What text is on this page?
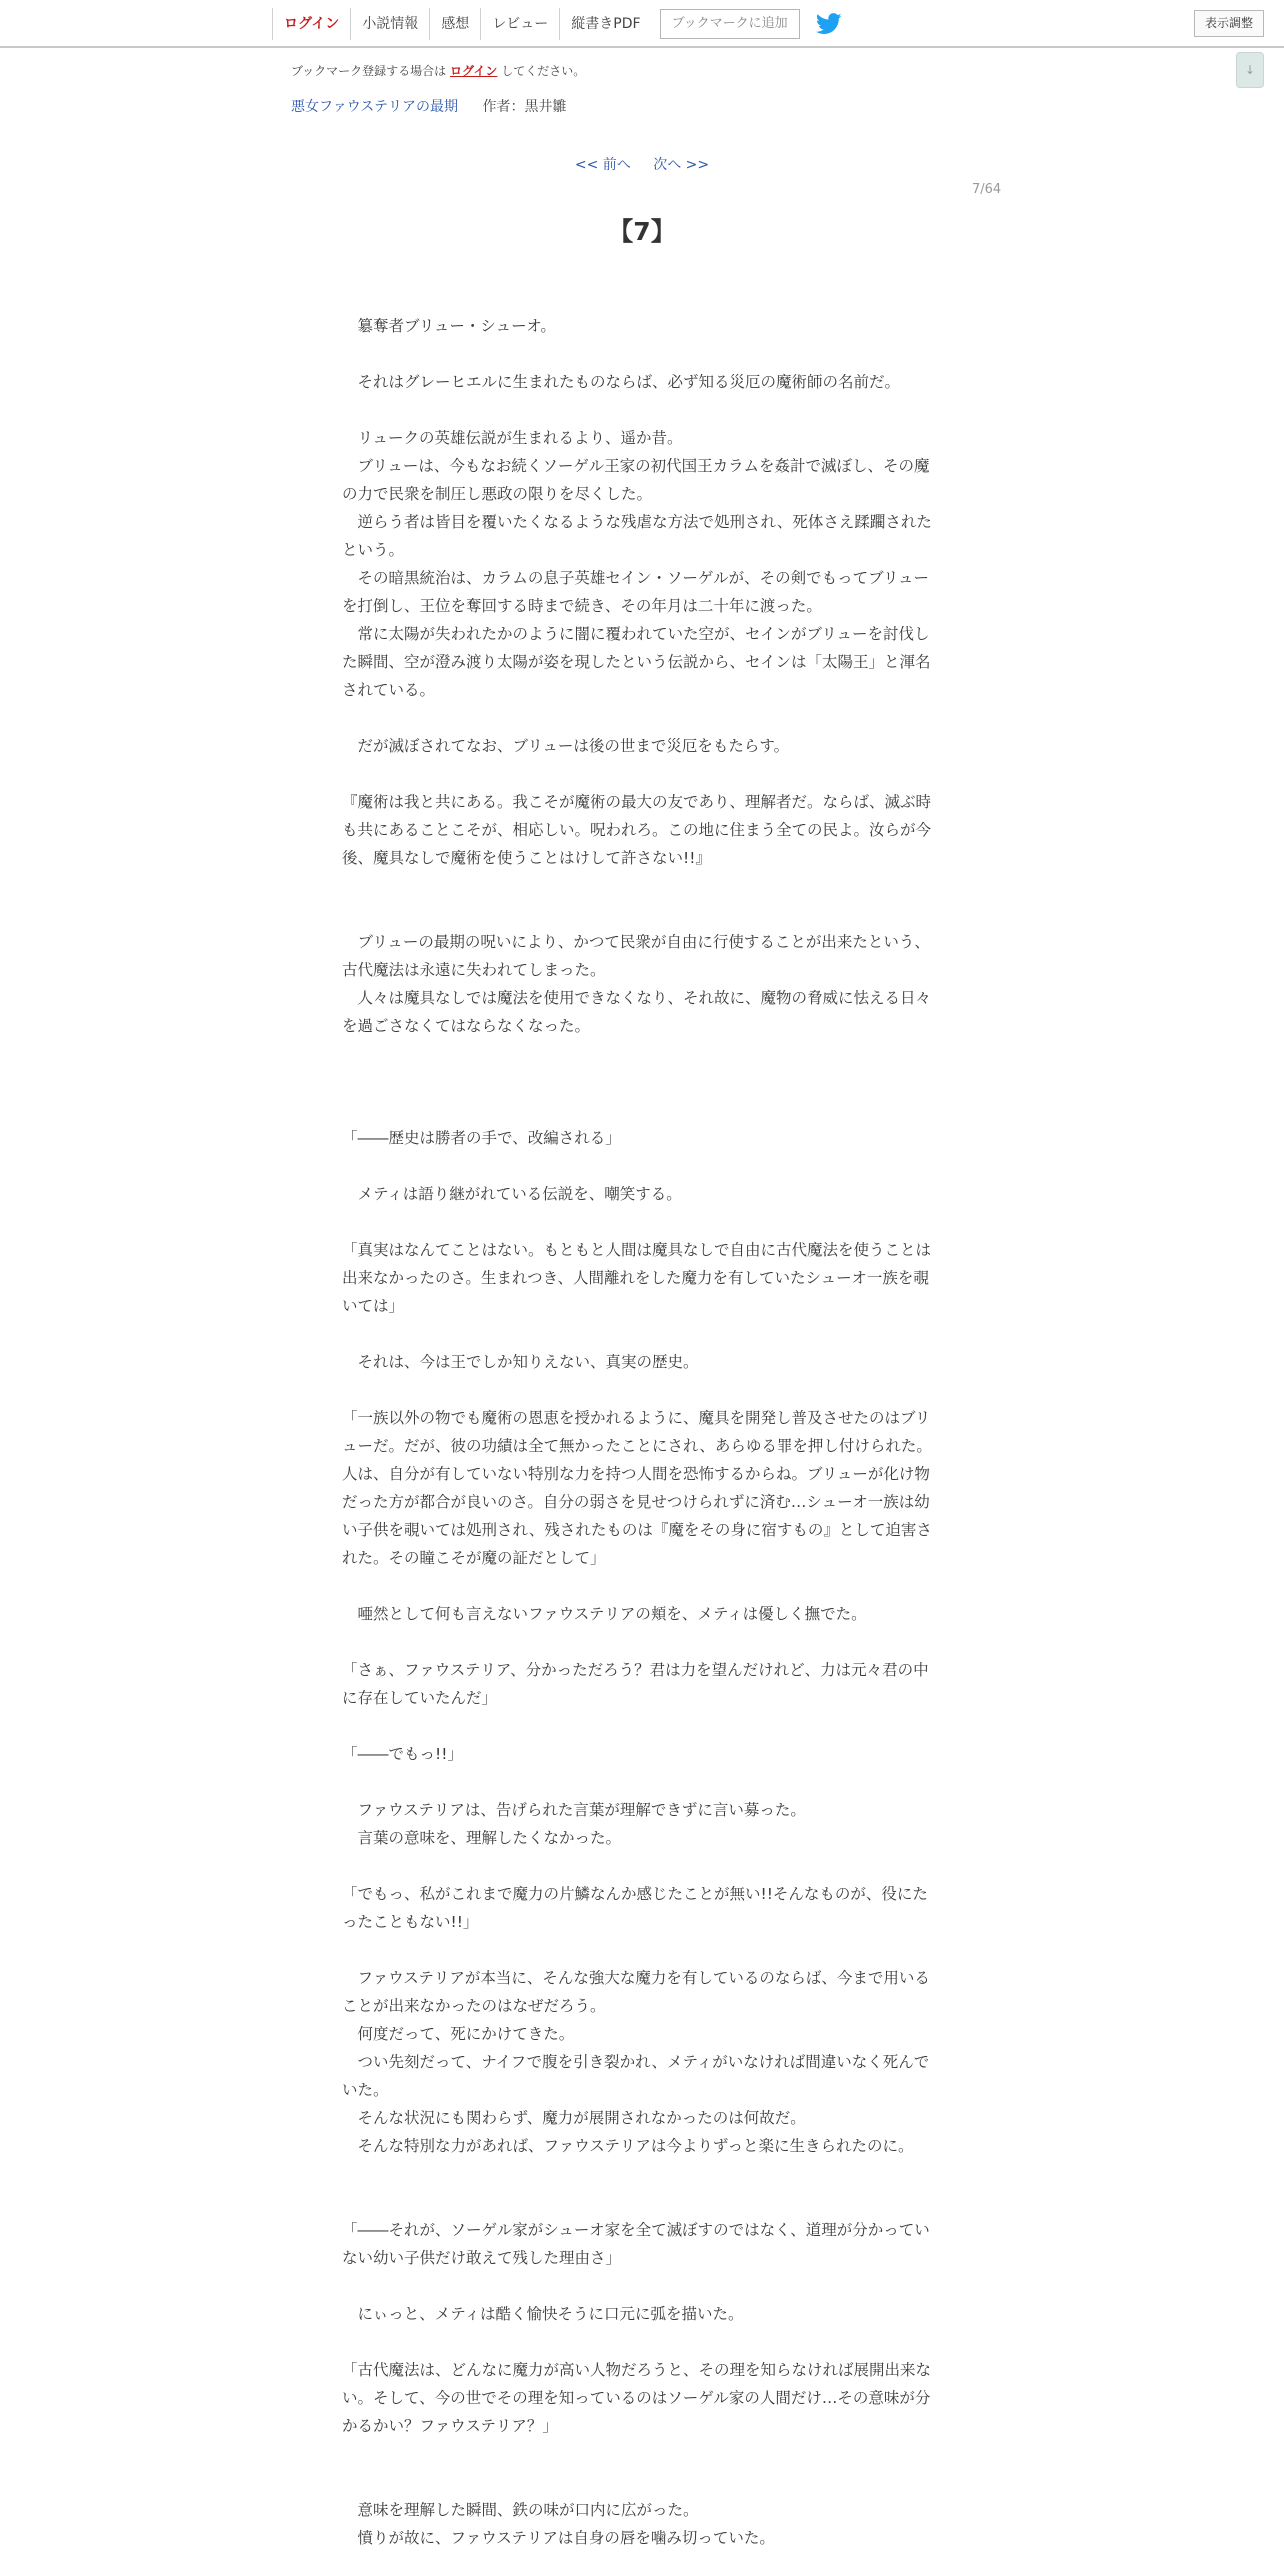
ログイン	小説情報	感想	レビュー	縦書きPDF	ブックマークに追加	表示調整
↓
ブックマーク登録する場合は ログイン してください。
悪女ファウステリアの最期 作者：黒井雛
<< 前へ 次へ >>
7/64
【7】

　簒奪者ブリュー・シューオ。

　それはグレーヒエルに生まれたものならば、必ず知る災厄の魔術師の名前だ。

　リュークの英雄伝説が生まれるより、遥か昔。

　ブリューは、今もなお続くソーゲル王家の初代国王カラムを姦計で滅ぼし、その魔の力で民衆を制圧し悪政の限りを尽くした。

　逆らう者は皆目を覆いたくなるような残虐な方法で処刑され、死体さえ蹂躙されたという。

　その暗黒統治は、カラムの息子英雄セイン・ソーゲルが、その剣でもってブリューを打倒し、王位を奪回する時まで続き、その年月は二十年に渡った。

　常に太陽が失われたかのように闇に覆われていた空が、セインがブリューを討伐した瞬間、空が澄み渡り太陽が姿を現したという伝説から、セインは「太陽王」と渾名されている。

　だが滅ぼされてなお、ブリューは後の世まで災厄をもたらす。

『魔術は我と共にある。我こそが魔術の最大の友であり、理解者だ。ならば、滅ぶ時も共にあることこそが、相応しい。呪われろ。この地に住まう全ての民よ。汝らが今後、魔具なしで魔術を使うことはけして許さない!!』

　ブリューの最期の呪いにより、かつて民衆が自由に行使することが出来たという、古代魔法は永遠に失われてしまった。

　人々は魔具なしでは魔法を使用できなくなり、それ故に、魔物の脅威に怯える日々を過ごさなくてはならなくなった。

「――歴史は勝者の手で、改編される」

　メティは語り継がれている伝説を、嘲笑する。

「真実はなんてことはない。もともと人間は魔具なしで自由に古代魔法を使うことは出来なかったのさ。生まれつき、人間離れをした魔力を有していたシューオ一族を覗いては」

　それは、今は王でしか知りえない、真実の歴史。

「一族以外の物でも魔術の恩恵を授かれるように、魔具を開発し普及させたのはブリューだ。だが、彼の功績は全て無かったことにされ、あらゆる罪を押し付けられた。人は、自分が有していない特別な力を持つ人間を恐怖するからね。ブリューが化け物だった方が都合が良いのさ。自分の弱さを見せつけられずに済む…シューオ一族は幼い子供を覗いては処刑され、残されたものは『魔をその身に宿すもの』として迫害された。その瞳こそが魔の証だとして」

　唖然として何も言えないファウステリアの頬を、メティは優しく撫でた。

「さぁ、ファウステリア、分かっただろう？君は力を望んだけれど、力は元々君の中に存在していたんだ」

「――でもっ!!」

　ファウステリアは、告げられた言葉が理解できずに言い募った。

　言葉の意味を、理解したくなかった。

「でもっ、私がこれまで魔力の片鱗なんか感じたことが無い!!そんなものが、役にたったこともない!!」

　ファウステリアが本当に、そんな強大な魔力を有しているのならば、今まで用いることが出来なかったのはなぜだろう。

　何度だって、死にかけてきた。

　つい先刻だって、ナイフで腹を引き裂かれ、メティがいなければ間違いなく死んでいた。

　そんな状況にも関わらず、魔力が展開されなかったのは何故だ。

　そんな特別な力があれば、ファウステリアは今よりずっと楽に生きられたのに。

「――それが、ソーゲル家がシューオ家を全て滅ぼすのではなく、道理が分かっていない幼い子供だけ敢えて残した理由さ」

　にぃっと、メティは酷く愉快そうに口元に弧を描いた。

「古代魔法は、どんなに魔力が高い人物だろうと、その理を知らなければ展開出来ない。そして、今の世でその理を知っているのはソーゲル家の人間だけ…その意味が分かるかい？ファウステリア？」

　意味を理解した瞬間、鉄の味が口内に広がった。

　憤りが故に、ファウステリアは自身の唇を噛み切っていた。
